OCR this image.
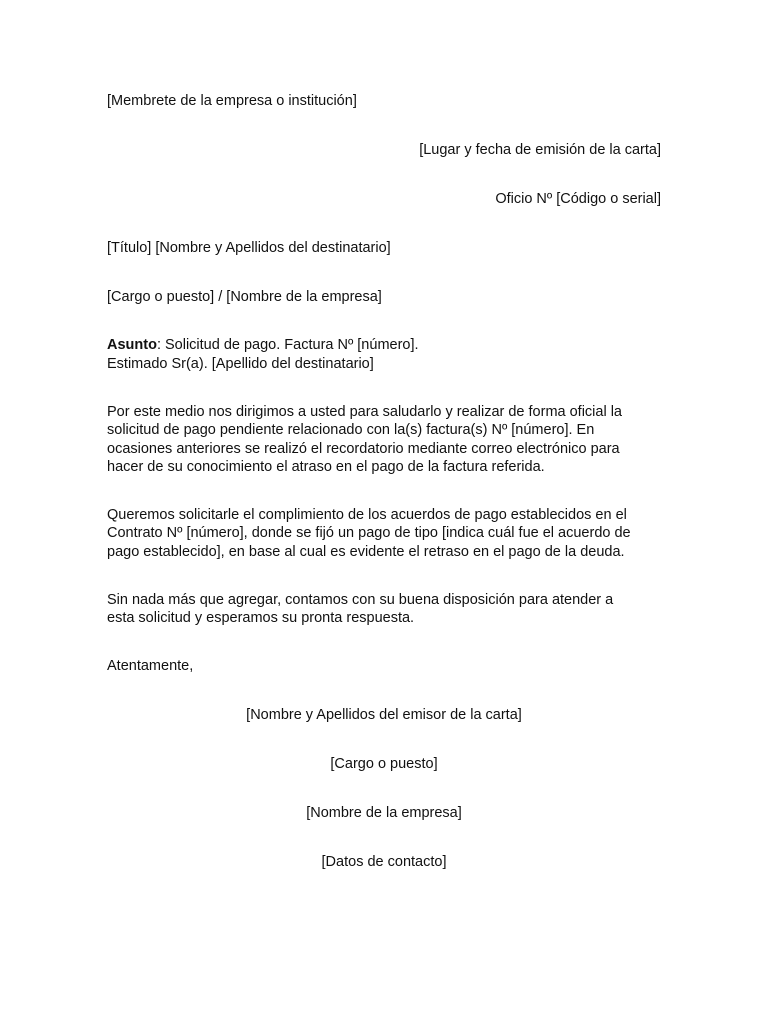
[Membrete de la empresa o institución]
[Lugar y fecha de emisión de la carta]
Oficio Nº [Código o serial]
[Título] [Nombre y Apellidos del destinatario]
[Cargo o puesto] / [Nombre de la empresa]
Asunto: Solicitud de pago. Factura Nº [número].
Estimado Sr(a). [Apellido del destinatario]
Por este medio nos dirigimos a usted para saludarlo y realizar de forma oficial la
solicitud de pago pendiente relacionado con la(s) factura(s) Nº [número]. En
ocasiones anteriores se realizó el recordatorio mediante correo electrónico para
hacer de su conocimiento el atraso en el pago de la factura referida.
Queremos solicitarle el complimiento de los acuerdos de pago establecidos en el
Contrato Nº [número], donde se fijó un pago de tipo [indica cuál fue el acuerdo de
pago establecido], en base al cual es evidente el retraso en el pago de la deuda.
Sin nada más que agregar, contamos con su buena disposición para atender a
esta solicitud y esperamos su pronta respuesta.
Atentamente,
[Nombre y Apellidos del emisor de la carta]
[Cargo o puesto]
[Nombre de la empresa]
[Datos de contacto]
